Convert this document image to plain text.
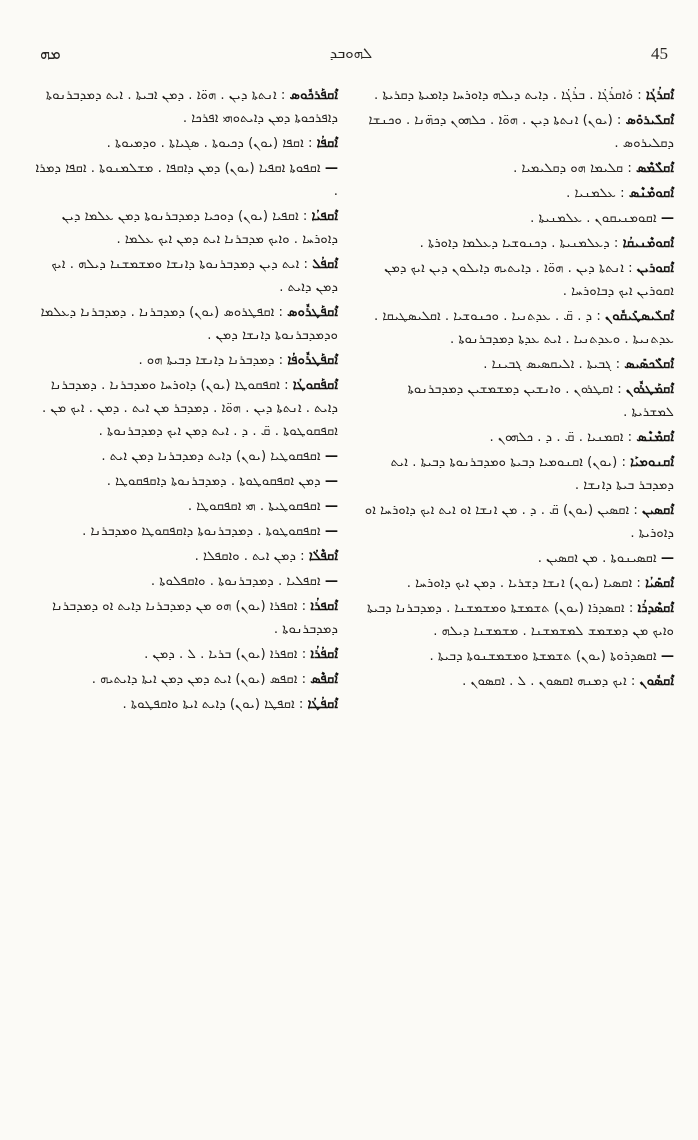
ܡܗ	ܠܗܘܒܕ	45

ܐܶܩܪܳܓܳܐ : ܘܰܐܩܪܳܓܳܐ . ܒܪܳܓܳܐ . ܕܐܝܬ ܕܝܠܗ ܕܐܘܪܚܐ ܕܐܡܝܬܐ ܕܩܪܝܬܐ .

ܐܶܩܠܺܝܪܘܺܣ : (ܝܘܢ) ܐܢܬܬܐ ܕܝܢ . ܗܘ̈ܐ . ܟܠܗܘܢ ܕܟܗ̈ܢܐ . ܘܟܢܫܐ ܕܩܠܝܪܘܣ .

ܐܶܩܠܶܡܶܣ : ܩܠܝܡܐ ܗܘ ܕܩܠܝܡܝܐ .

ܐܶܩܘܡܶܢܶܣ : ܥܠܡܢܝܐ .

— ܐܩܘܡܢܝܩܘܢ . ܥܠܡܢܝܬܐ .

ܐܶܩܘܡܶܢܝܩܳܐ : ܕܥܠܡܢܝܬܐ . ܕܟܢܘܫܝܐ ܕܥܠܡܐ ܕܐܘܪܬܐ .

ܐܶܩܘܪܝܢ : ܐܢܬܬܐ ܕܝܢ . ܗܘ̈ܐ . ܕܐܝܬܝܗ ܕܐܝܠܘܢ ܕܝܢ ܐܝܟ ܕܡܢ ܐܩܘܪܝܢ ܐܝܟ ܕܒܐܘܪܚܐ .

ܐܶܩܠܰܝܣܛܺܝܩܽܘܢ : ܕ . ܩ̈ . ܥܕܬܢܝܐ . ܘܟܢܘܫܝܐ . ܐܩܠܝܣܛܝܩܐ . ܥܕܬܢܝܬܐ . ܘܥܕܬܢܝܐ . ܐܝܬ ܥܕܬܐ ܕܡܕܒܪܢܘܬܐ .

ܐܶܩܠܶܟܣܺܝܣ : ܓܒܝܬܐ . ܐܠܝܩܣܝܣ ܓܒܝܢܐ .

ܐܶܩܡܰܛܪܽܘܢ : ܐܩܛܪܘܢ . ܘܐܢܫܝܢ ܕܡܫܡܫܝܢ ܕܡܕܒܪܢܘܬܐ ܠܡܫܪܝܬܐ .

ܐܶܩܡܶܢܶܣ : ܐܩܡܢܝܐ . ܩ̈ . ܕ . ܟܠܗܘܢ .

ܐܶܩܢܘܡܝܰܐ : (ܝܘܢ) ܐܩܢܘܡܝܐ ܕܒܝܬܐ ܘܡܕܒܪܢܘܬܐ ܕܒܝܬܐ . ܐܝܬ ܕܡܕܒܪ ܒܝܬܐ ܕܐܢܫܐ .

ܐܶܩܣܝܢ : ܐܩܣܝܢ (ܝܘܢ) ܩ̈ . ܕ . ܡܢ ܐܢܫܐ ܐܘ ܐܝܬ ܐܝܟ ܕܐܘܪܚܐ ܐܘ ܕܐܘܪܝܬܐ .

— ܐܩܣܝܢܘܬܐ . ܡܢ ܐܩܣܝܢ .

ܐܶܩܣܺܝܳܐ : ܐܩܣܝܐ (ܝܘܢ) ܐܢܫܐ ܕܫܪܝܐ . ܕܡܢ ܐܝܟ ܕܐܘܪܚܐ .

ܐܶܩܣܶܕܪܳܐ : ܐܩܣܕܪܐ (ܝܘܢ) ܬܫܡܫܬܐ ܘܡܫܡܫܢܐ . ܕܡܕܒܪܢܐ ܕܒܝܬܐ ܘܐܝܟ ܡܢ ܕܡܫܡܫ ܠܡܫܡܫܢܐ . ܡܫܡܫܢܐ ܕܝܠܗ .

— ܐܩܣܕܪܘܬܐ (ܝܘܢ) ܬܫܡܫܬܐ ܘܡܫܡܫܢܘܬܐ ܕܒܝܬܐ .

ܐܶܩܣܽܘܢ : ܐܝܟ ܕܡܢܗ ܐܩܣܘܢ . ܠ . ܐܩܣܘܢ .

ܐܶܩܦܰܪܟܽܘܣ : ܐܢܬܬܐ ܕܝܢ . ܗܘ̈ܐ . ܕܡܢ ܐܒܝܬܐ . ܐܝܬ ܕܡܕܒܪܢܘܬܐ ܕܐܦܪܟܘܬܐ ܕܡܢ ܕܐܝܬܘܗܝ ܐܦܪܟܐ .

ܐܶܩܦܳܐ : ܐܩܦܐ (ܝܘܢ) ܕܟܝܘܬܐ . ܣܓܝܐܬܐ . ܘܕܡܝܘܬܐ .

— ܐܩܦܘܬܐ ܐܩܦܝܐ (ܝܘܢ) ܕܡܢ ܕܐܩܦܐ . ܡܫܠܡܢܘܬܐ . ܐܩܦܐ ܕܡܪܐ .

ܐܶܩܦܝܳܐ : ܐܩܦܝܐ (ܝܘܢ) ܕܘܟܝܐ ܕܡܕܒܪܢܘܬܐ ܕܡܢ ܥܠܡܐ ܕܝܢ ܕܐܘܪܚܐ . ܘܐܝܟ ܡܕܒܪܢܐ ܐܝܬ ܕܡܢ ܐܝܟ ܥܠܡܐ .

ܐܶܩܦܳܠ : ܐܝܬ ܕܝܢ ܕܡܕܒܪܢܘܬܐ ܕܐܢܫܐ ܘܡܫܡܫܢܐ ܕܝܠܗ . ܐܝܟ ܕܡܢ ܕܐܝܬ .

ܐܶܩܦܰܛܪܽܘܣ : ܐܩܦܛܪܘܣ (ܝܘܢ) ܕܡܕܒܪܢܐ . ܕܡܕܒܪܢܐ ܕܥܠܡܐ ܘܕܡܕܒܪܢܘܬܐ ܕܐܢܫܐ ܕܡܢ .

ܐܶܩܦܰܛܪܽܘܦܳܐ : ܕܡܕܒܪܢܐ ܕܐܢܫܐ ܕܒܝܬܐ ܗܘ .

ܐܶܩܦܰܩܘܛܳܐ : ܐܩܦܩܘܛܐ (ܝܘܢ) ܕܐܘܪܚܐ ܘܡܕܒܪܢܐ . ܕܡܕܒܪܢܐ ܕܐܝܬ . ܐܢܬܬܐ ܕܝܢ . ܗܘ̈ܐ . ܕܡܕܒܪ ܡܢ ܐܝܬ . ܕܡܢ . ܐܝܟ ܡܢ . ܐܩܦܩܘܛܘܬܐ . ܩ̈ . ܕ . ܐܝܬ ܕܡܢ ܐܝܟ ܕܡܕܒܪܢܘܬܐ .

— ܐܩܦܩܘܛܝܐ (ܝܘܢ) ܕܐܝܬ ܕܡܕܒܪܢܐ ܕܡܢ ܐܝܬ .

— ܕܡܢ ܐܩܦܩܘܛܘܬܐ . ܕܡܕܒܪܢܘܬܐ ܕܐܩܦܩܘܛܐ .

— ܐܩܦܩܘܛܝܬܐ . ܗܝ ܐܩܦܩܘܛܐ .

— ܐܩܦܩܘܛܘܬܐ . ܕܡܕܒܪܢܘܬܐ ܕܐܩܦܩܘܛܐ ܘܡܕܒܪܢܐ .

ܐܶܩܦܶܠܳܐ : ܕܡܢ ܐܝܬ . ܘܐܩܦܠܐ .

— ܐܩܦܠܝܐ . ܕܡܕܒܪܢܘܬܐ . ܘܐܩܦܠܘܬܐ .

ܐܶܩܦܪܳܐ : ܐܩܦܪܐ (ܝܘܢ) ܗܘ ܡܢ ܕܡܕܒܪܢܐ ܕܐܝܬ ܐܘ ܕܡܕܒܪܢܐ ܕܡܕܒܪܢܘܬܐ .

ܐܶܩܦܳܪܳܐ : ܐܩܦܪܐ (ܝܘܢ) ܒܪܝܐ . ܠ . ܕܡܢ .

ܐܶܩܦܶܣ : ܐܩܦܣ (ܝܘܢ) ܐܝܬ ܕܡܢ ܕܡܢ ܐܝܬܐ ܕܐܝܬܝܗ .

ܐܶܩܦܳܛܳܐ : ܐܩܦܛܐ (ܝܘܢ) ܕܐܝܬ ܐܝܬܐ ܘܐܩܦܛܘܬܐ .
